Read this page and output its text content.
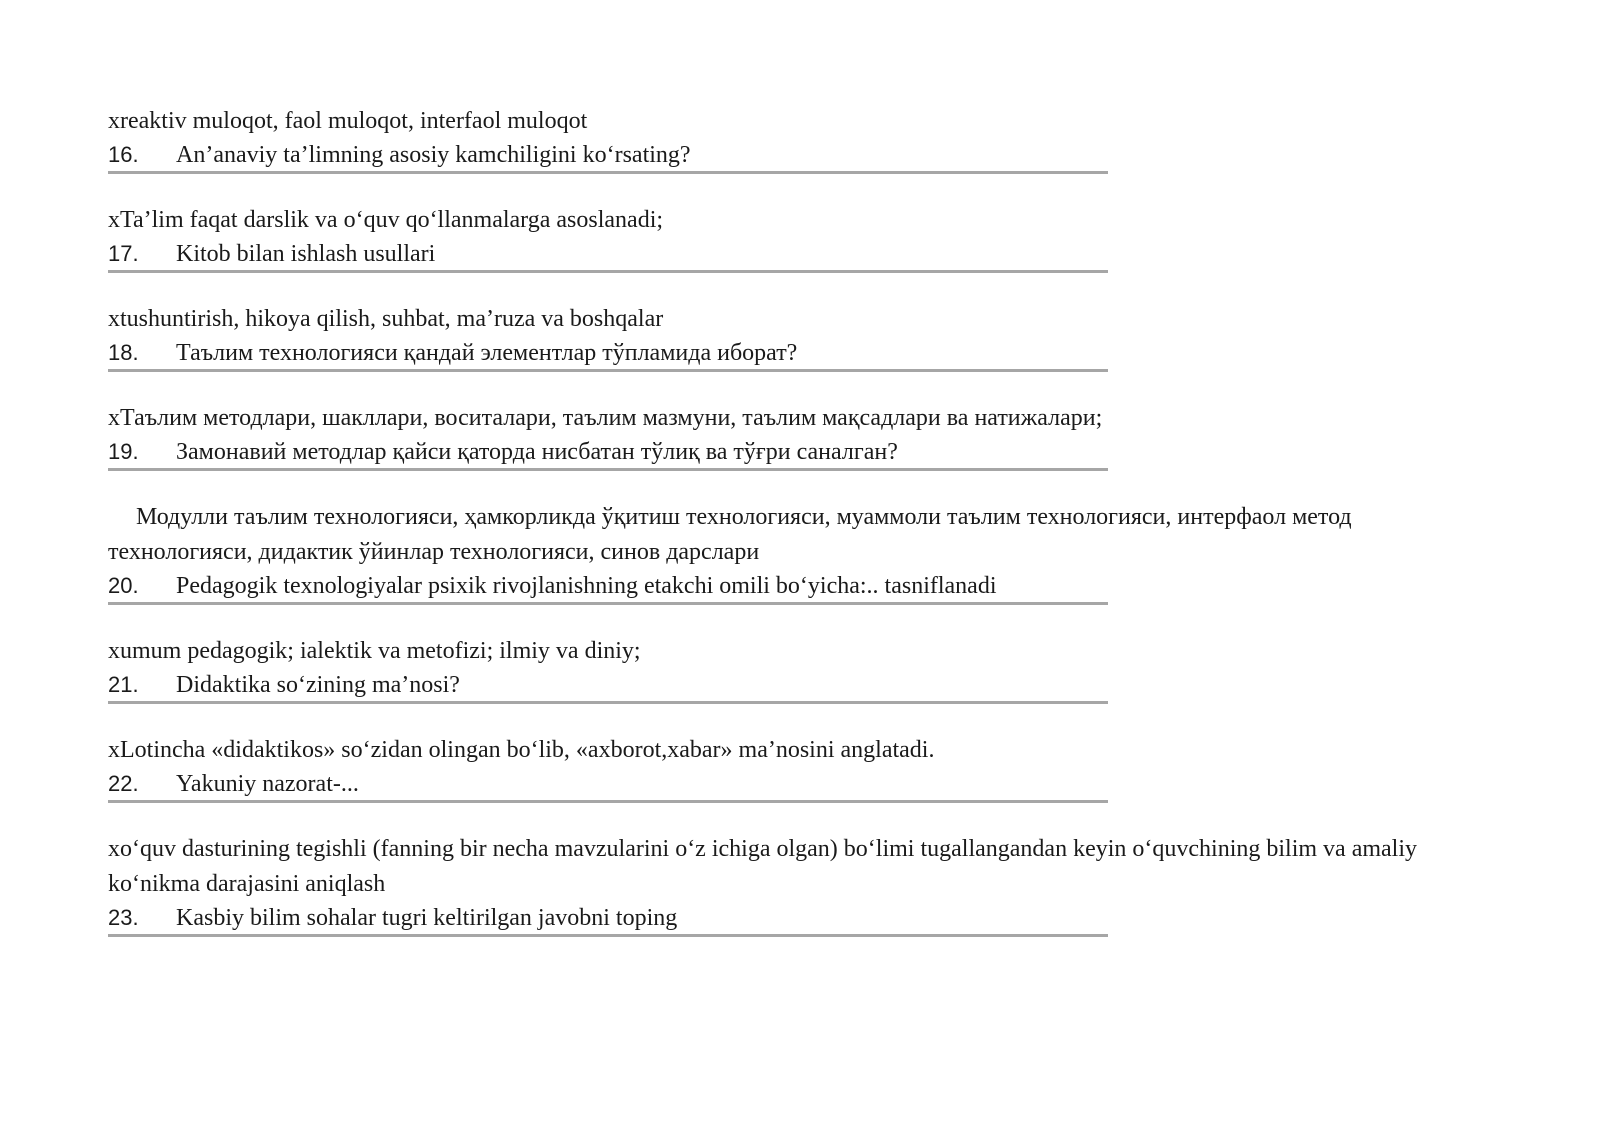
xreaktiv muloqot, faol muloqot, interfaol muloqot

16. An’anaviy ta’limning asosiy kamchiligini ko‘rsating?

xTa’lim faqat darslik va o‘quv qo‘llanmalarga asoslanadi;

17. Kitob bilan ishlash usullari

xtushuntirish, hikoya qilish, suhbat, ma’ruza va boshqalar

18. Таълим технологияси қандай элементлар тўпламида иборат?

xТаълим методлари, шакллари, воситалари, таълим мазмуни, таълим мақсадлари ва натижалари;

19. Замонавий методлар қайси қаторда нисбатан тўлиқ ва тўғри саналган?

Модулли таълим технологияси, ҳамкорликда ўқитиш технологияси, муаммоли таълим технологияси, интерфаол метод технологияси, дидактик ўйинлар технологияси, синов дарслари

20. Pedagogik texnologiyalar psixik rivojlanishning etakchi omili bo‘yicha:.. tasniflanadi

xumum pedagogik; ialektik va metofizi; ilmiy va diniy;

21. Didaktika so‘zining ma’nosi?

xLotincha «didaktikos» so‘zidan olingan bo‘lib, «axborot,xabar» ma’nosini anglatadi.

22. Yakuniy nazorat-...

xo‘quv dasturining tegishli (fanning bir necha mavzularini o‘z ichiga olgan) bo‘limi tugallangandan keyin o‘quvchining bilim va amaliy ko‘nikma darajasini aniqlash

23. Kasbiy bilim sohalar tugri keltirilgan javobni toping
